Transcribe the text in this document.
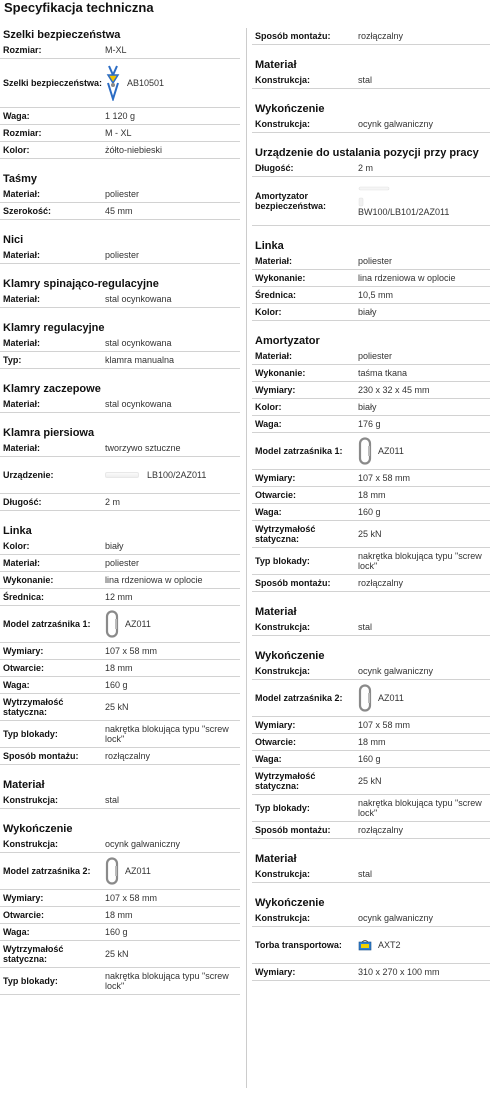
Specyfikacja techniczna
Szelki bezpieczeństwa
Rozmiar:	M-XL
Szelki bezpieczeństwa:	AB10501
Waga:	1 120 g
Rozmiar:	M - XL
Kolor:	żółto-niebieski
Taśmy
Materiał:	poliester
Szerokość:	45 mm
Nici
Materiał:	poliester
Klamry spinająco-regulacyjne
Materiał:	stal ocynkowana
Klamry regulacyjne
Materiał:	stal ocynkowana
Typ:	klamra manualna
Klamry zaczepowe
Materiał:	stal ocynkowana
Klamra piersiowa
Materiał:	tworzywo sztuczne
Urządzenie:	LB100/2AZ011
Długość:	2 m
Linka
Kolor:	biały
Materiał:	poliester
Wykonanie:	lina rdzeniowa w oplocie
Średnica:	12 mm
Model zatrzaśnika 1:	AZ011
Wymiary:	107 x 58 mm
Otwarcie:	18 mm
Waga:	160 g
Wytrzymałość statyczna:	25 kN
Typ blokady:	nakrętka blokująca typu "screw lock"
Sposób montażu:	rozłączalny
Materiał
Konstrukcja:	stal
Wykończenie
Konstrukcja:	ocynk galwaniczny
Model zatrzaśnika 2:	AZ011
Wymiary:	107 x 58 mm
Otwarcie:	18 mm
Waga:	160 g
Wytrzymałość statyczna:	25 kN
Typ blokady:	nakrętka blokująca typu "screw lock"
Sposób montażu:	rozłączalny
Materiał
Konstrukcja:	stal
Wykończenie
Konstrukcja:	ocynk galwaniczny
Urządzenie do ustalania pozycji przy pracy
Długość:	2 m
Amortyzator bezpieczeństwa:
BW100/LB101/2AZ011
Linka
Materiał:	poliester
Wykonanie:	lina rdzeniowa w oplocie
Średnica:	10,5 mm
Kolor:	biały
Amortyzator
Materiał:	poliester
Wykonanie:	taśma tkana
Wymiary:	230 x 32 x 45 mm
Kolor:	biały
Waga:	176 g
Model zatrzaśnika 1:	AZ011
Wymiary:	107 x 58 mm
Otwarcie:	18 mm
Waga:	160 g
Wytrzymałość statyczna:	25 kN
Typ blokady:	nakrętka blokująca typu "screw lock"
Sposób montażu:	rozłączalny
Materiał
Konstrukcja:	stal
Wykończenie
Konstrukcja:	ocynk galwaniczny
Model zatrzaśnika 2:	AZ011
Wymiary:	107 x 58 mm
Otwarcie:	18 mm
Waga:	160 g
Wytrzymałość statyczna:	25 kN
Typ blokady:	nakrętka blokująca typu "screw lock"
Sposób montażu:	rozłączalny
Materiał
Konstrukcja:	stal
Wykończenie
Konstrukcja:	ocynk galwaniczny
Torba transportowa:	AXT2
Wymiary:	310 x 270 x 100 mm
